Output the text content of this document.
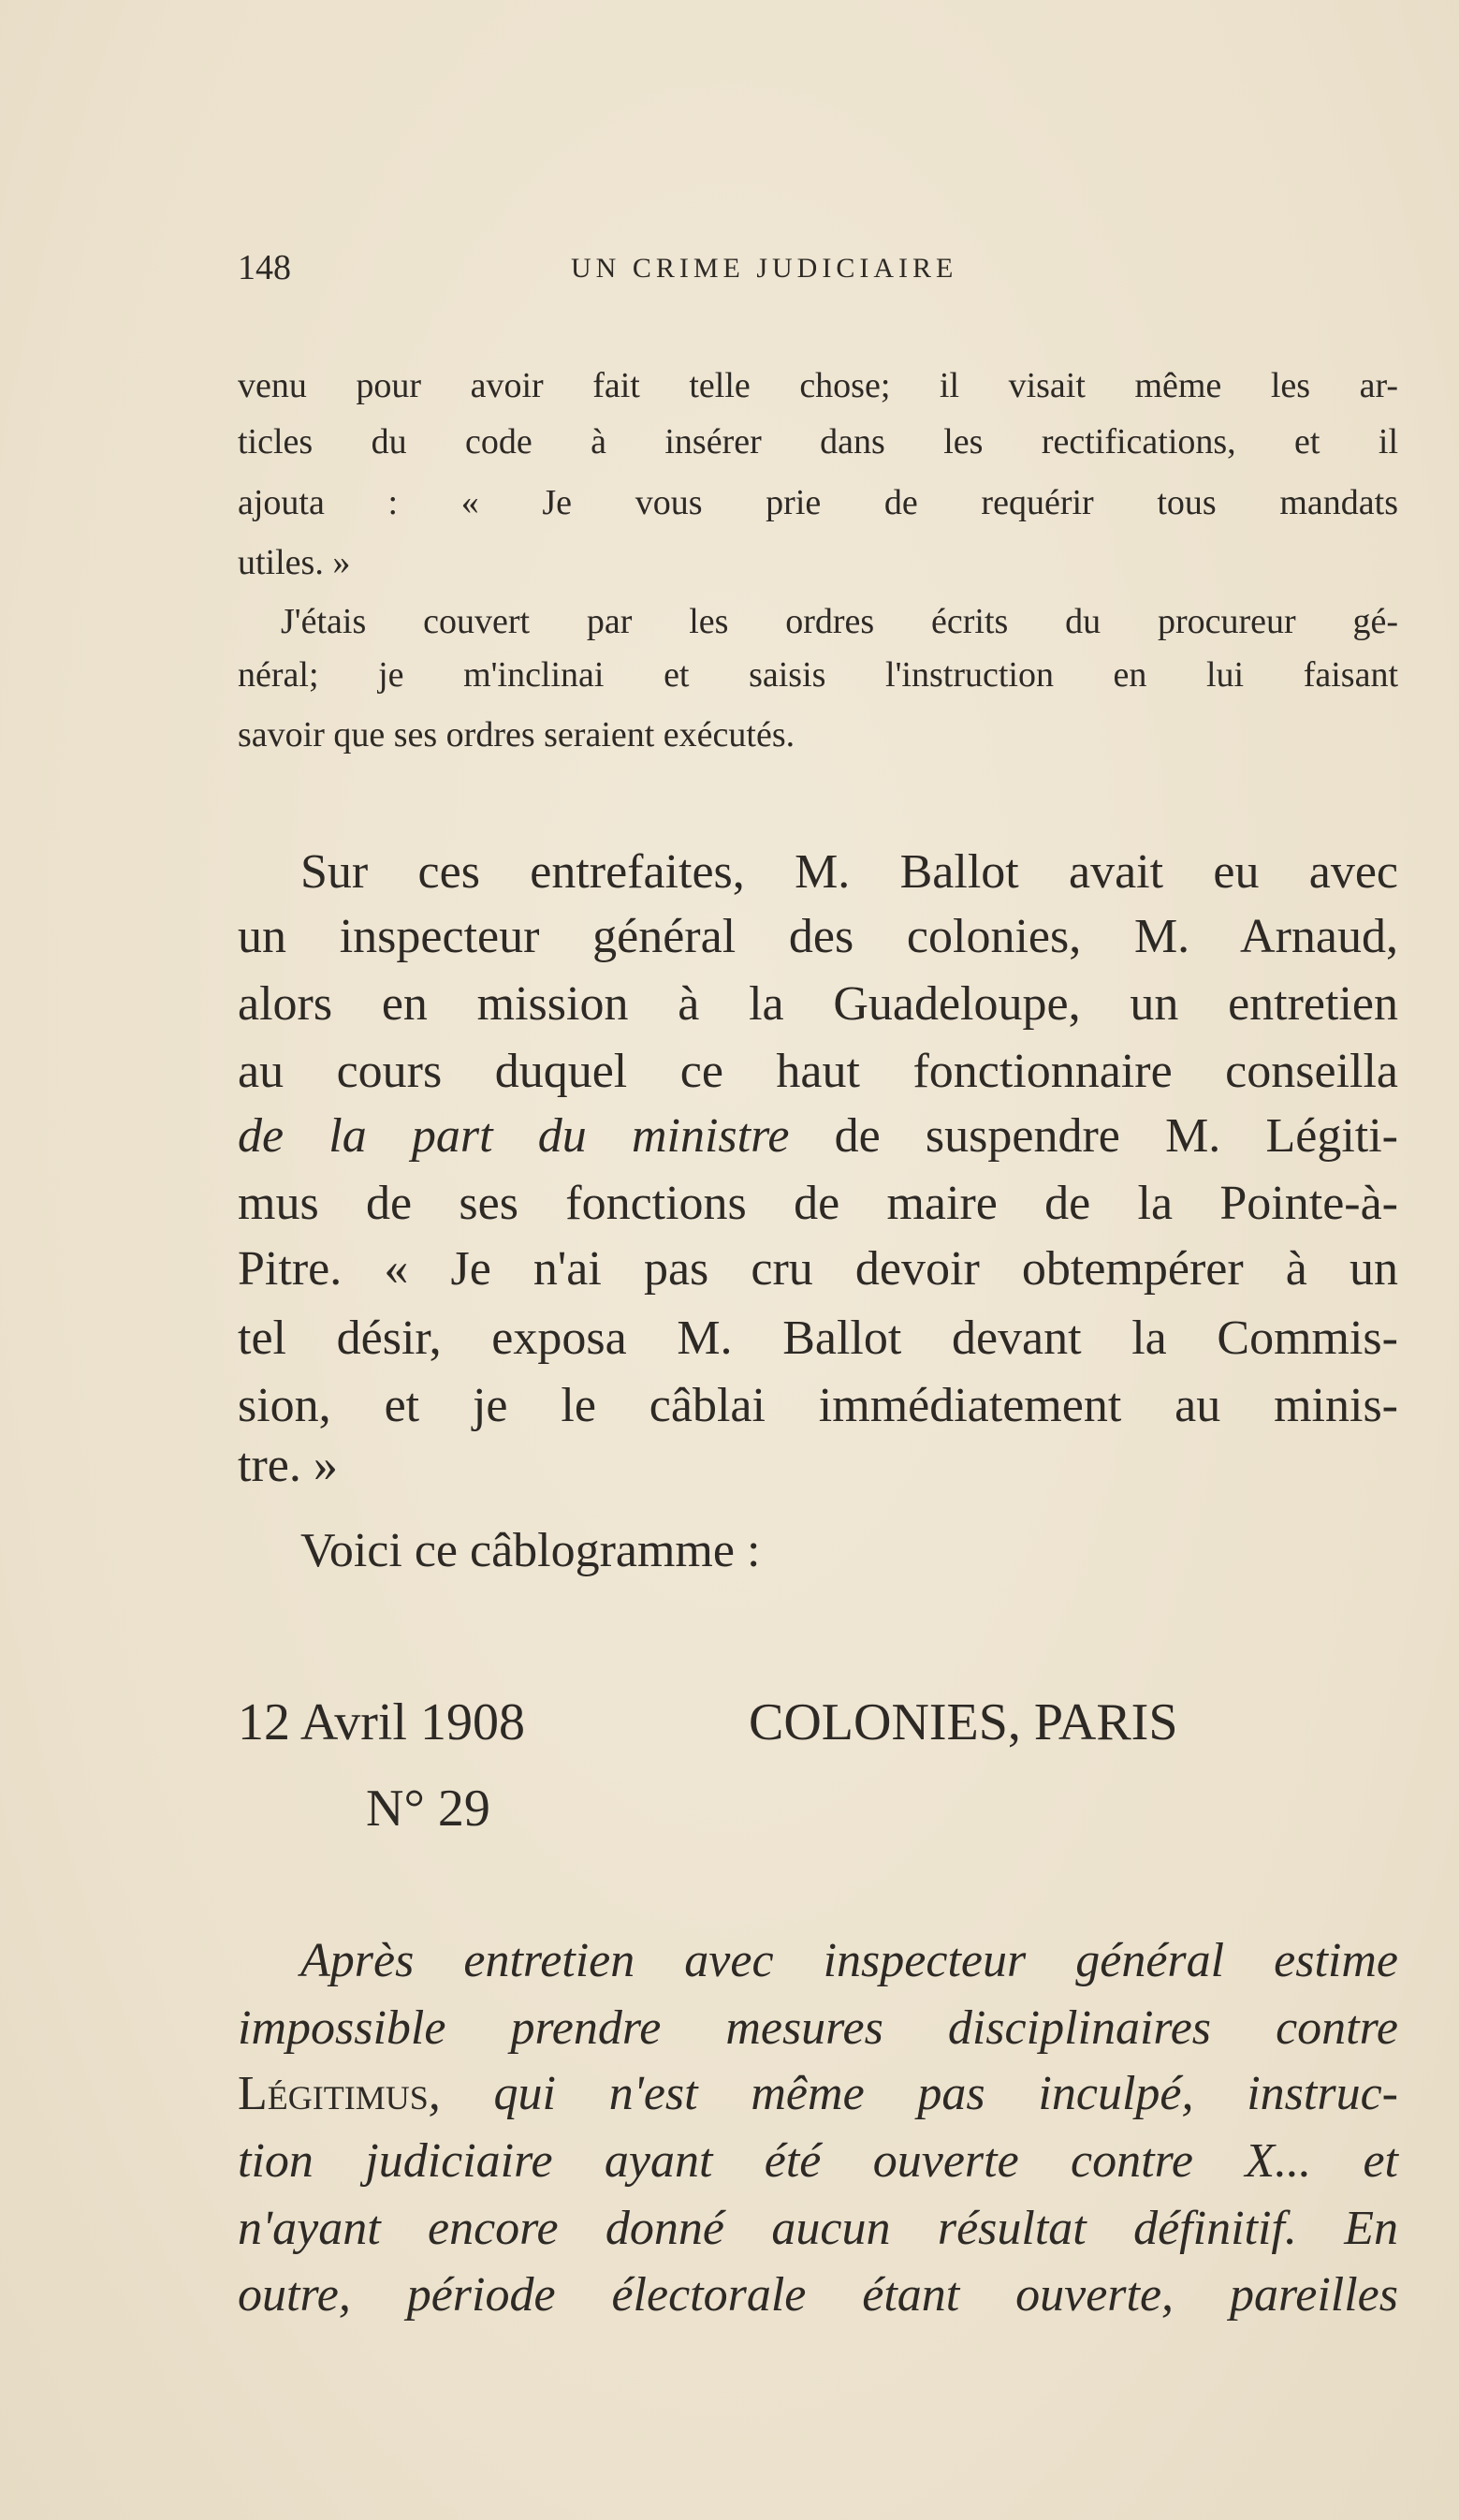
148	UN CRIME JUDICIAIRE
venu pour avoir fait telle chose; il visait même les ar-
ticles du code à insérer dans les rectifications, et il
ajouta : « Je vous prie de requérir tous mandats
utiles. »
J'étais couvert par les ordres écrits du procureur gé-
néral; je m'inclinai et saisis l'instruction en lui faisant
savoir que ses ordres seraient exécutés.
Sur ces entrefaites, M. Ballot avait eu avec
un inspecteur général des colonies, M. Arnaud,
alors en mission à la Guadeloupe, un entretien
au cours duquel ce haut fonctionnaire conseilla
de la part du ministre de suspendre M. Légiti-
mus de ses fonctions de maire de la Pointe-à-
Pitre. « Je n'ai pas cru devoir obtempérer à un
tel désir, exposa M. Ballot devant la Commis-
sion, et je le câblai immédiatement au minis-
tre. »
Voici ce câblogramme :
12 Avril 1908	COLONIES, PARIS
N° 29
Après entretien avec inspecteur général estime
impossible prendre mesures disciplinaires contre
Légitimus, qui n'est même pas inculpé, instruc-
tion judiciaire ayant été ouverte contre X... et
n'ayant encore donné aucun résultat définitif. En
outre, période électorale étant ouverte, pareilles
